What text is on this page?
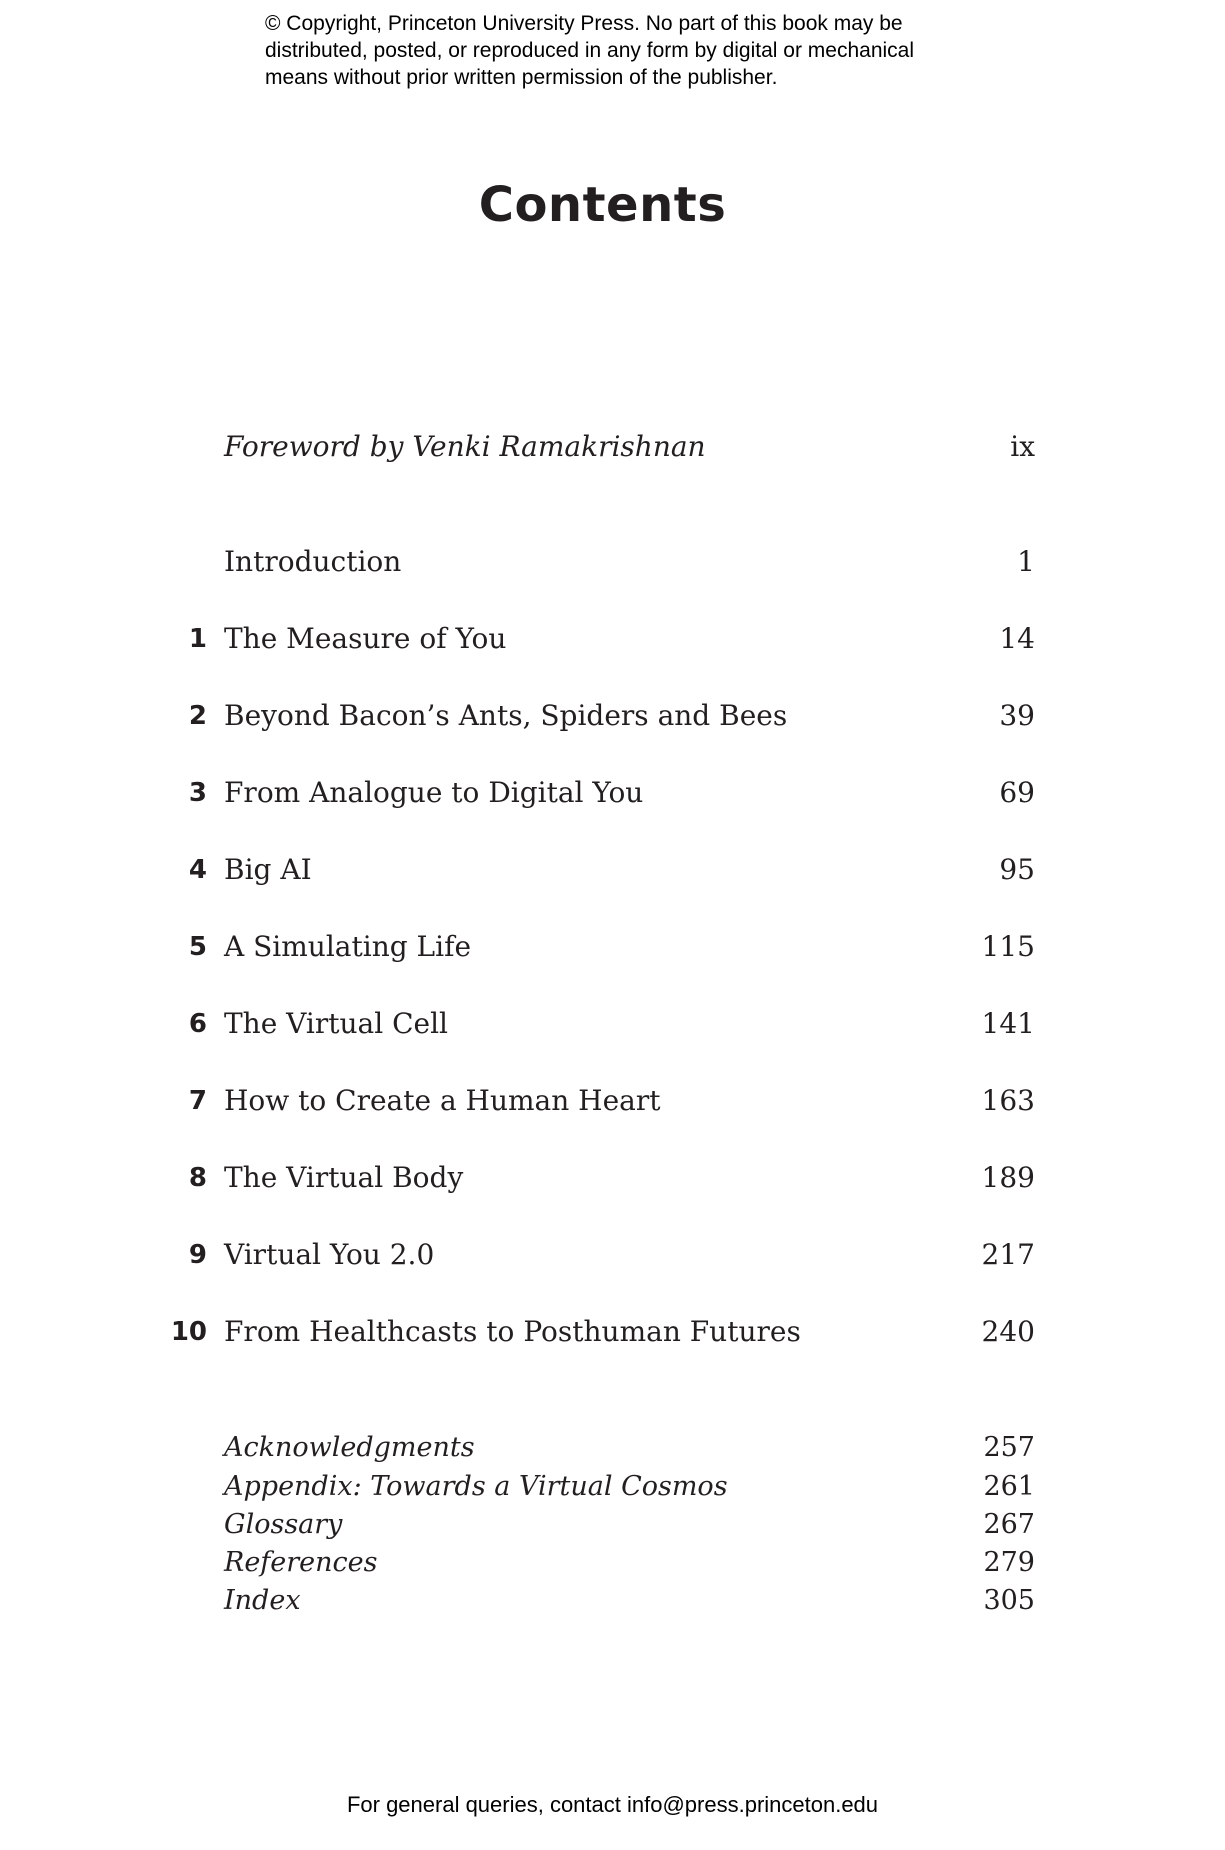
© Copyright, Princeton University Press. No part of this book may be
distributed, posted, or reproduced in any form by digital or mechanical
means without prior written permission of the publisher.
Contents
Foreword by Venki Ramakrishnan	ix
Introduction	1
1 The Measure of You	14
2 Beyond Bacon’s Ants, Spiders and Bees	39
3 From Analogue to Digital You	69
4 Big AI	95
5 A Simulating Life	115
6 The Virtual Cell	141
7 How to Create a Human Heart	163
8 The Virtual Body	189
9 Virtual You 2.0	217
10 From Healthcasts to Posthuman Futures	240
Acknowledgments	257
Appendix: Towards a Virtual Cosmos	261
Glossary	267
References	279
Index	305
For general queries, contact info@press.princeton.edu
